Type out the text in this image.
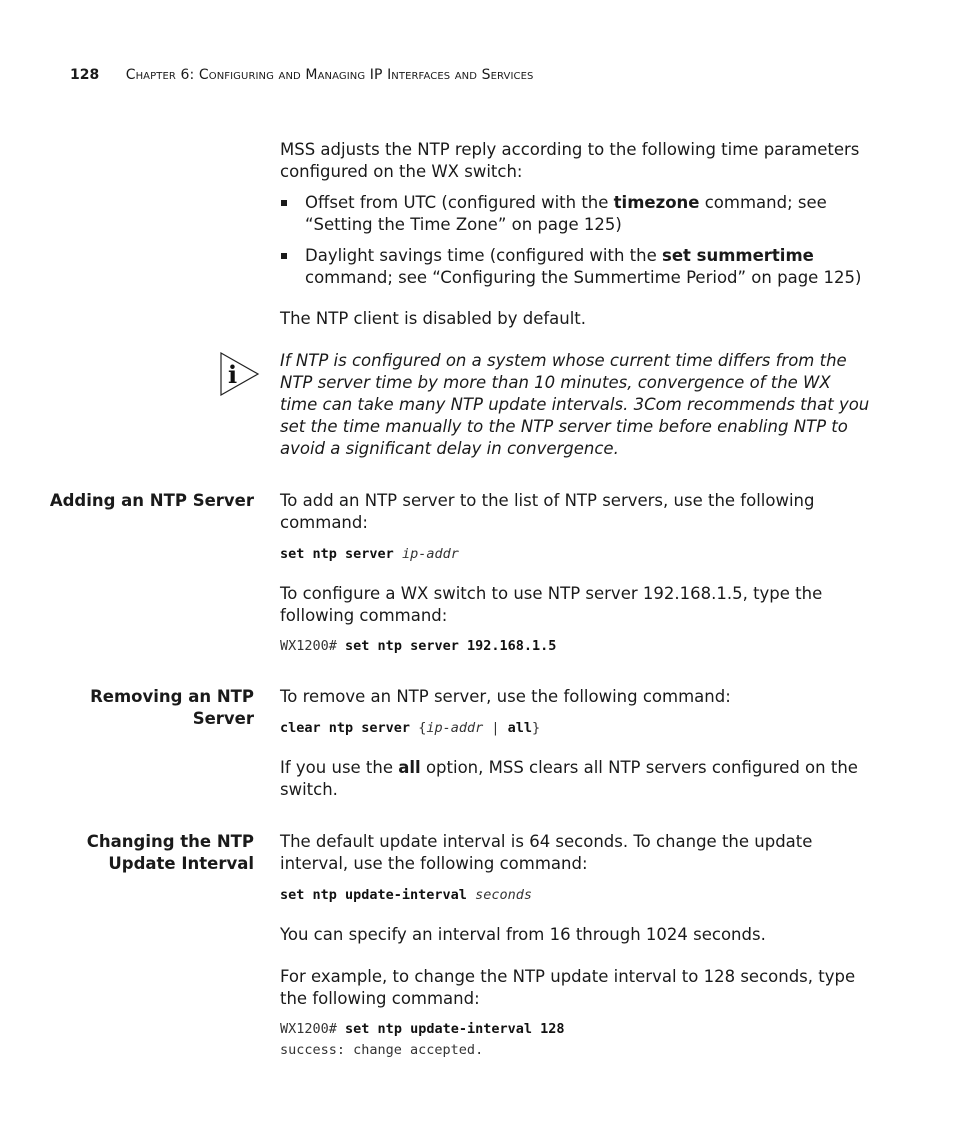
128 Chapter 6: Configuring and Managing IP Interfaces and Services

MSS adjusts the NTP reply according to the following time parameters configured on the WX switch:

Offset from UTC (configured with the timezone command; see “Setting the Time Zone” on page 125)
Daylight savings time (configured with the set summertime command; see “Configuring the Summertime Period” on page 125)

The NTP client is disabled by default.

i	If NTP is configured on a system whose current time differs from the NTP server time by more than 10 minutes, convergence of the WX time can take many NTP update intervals. 3Com recommends that you set the time manually to the NTP server time before enabling NTP to avoid a significant delay in convergence.
Adding an NTP Server To add an NTP server to the list of NTP servers, use the following command:

set ntp server ip-addr

To configure a WX switch to use NTP server 192.168.1.5, type the following command:

WX1200# set ntp server 192.168.1.5
Removing an NTP
Server

To remove an NTP server, use the following command:

clear ntp server {ip-addr | all}

If you use the all option, MSS clears all NTP servers configured on the switch.

Changing the NTP
Update Interval

The default update interval is 64 seconds. To change the update interval, use the following command:

set ntp update-interval seconds

You can specify an interval from 16 through 1024 seconds.

For example, to change the NTP update interval to 128 seconds, type the following command:

WX1200# set ntp update-interval 128
success: change accepted.
